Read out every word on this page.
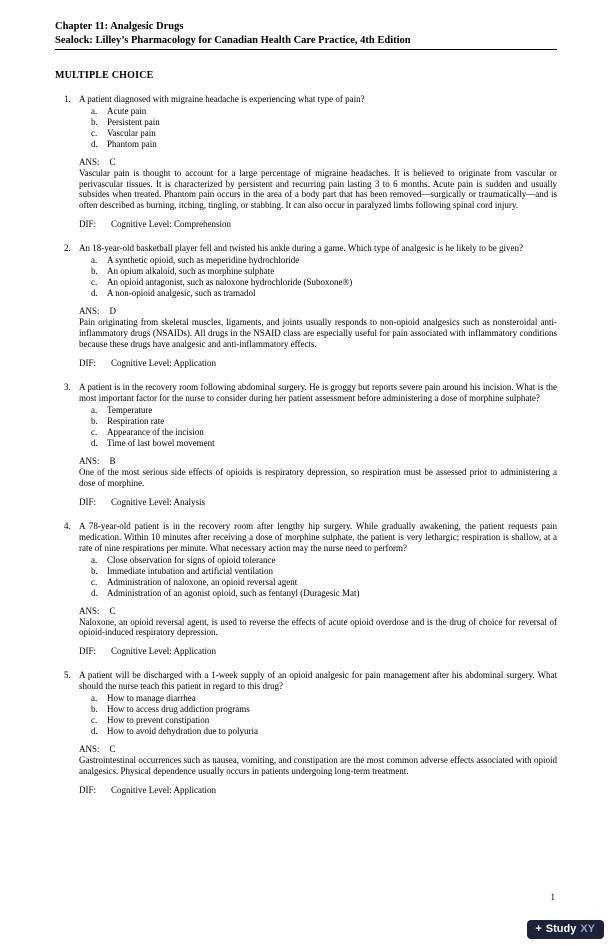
Chapter 11: Analgesic Drugs
Sealock: Lilley’s Pharmacology for Canadian Health Care Practice, 4th Edition
MULTIPLE CHOICE
1. A patient diagnosed with migraine headache is experiencing what type of pain?
a.	Acute pain
b.	Persistent pain
c.	Vascular pain
d.	Phantom pain
ANS: C
Vascular pain is thought to account for a large percentage of migraine headaches. It is believed to originate from vascular or perivascular tissues. It is characterized by persistent and recurring pain lasting 3 to 6 months. Acute pain is sudden and usually subsides when treated. Phantom pain occurs in the area of a body part that has been removed—surgically or traumatically—and is often described as burning, itching, tingling, or stabbing. It can also occur in paralyzed limbs following spinal cord injury.
DIF: Cognitive Level: Comprehension
2. An 18-year-old basketball player fell and twisted his ankle during a game. Which type of analgesic is he likely to be given?
a.	A synthetic opioid, such as meperidine hydrochloride
b.	An opium alkaloid, such as morphine sulphate
c.	An opioid antagonist, such as naloxone hydrochloride (Suboxone®)
d.	A non-opioid analgesic, such as tramadol
ANS: D
Pain originating from skeletal muscles, ligaments, and joints usually responds to non-opioid analgesics such as nonsteroidal anti-inflammatory drugs (NSAIDs). All drugs in the NSAID class are especially useful for pain associated with inflammatory conditions because these drugs have analgesic and anti-inflammatory effects.
DIF: Cognitive Level: Application
3. A patient is in the recovery room following abdominal surgery. He is groggy but reports severe pain around his incision. What is the most important factor for the nurse to consider during her patient assessment before administering a dose of morphine sulphate?
a.	Temperature
b.	Respiration rate
c.	Appearance of the incision
d.	Time of last bowel movement
ANS: B
One of the most serious side effects of opioids is respiratory depression, so respiration must be assessed prior to administering a dose of morphine.
DIF: Cognitive Level: Analysis
4. A 78-year-old patient is in the recovery room after lengthy hip surgery. While gradually awakening, the patient requests pain medication. Within 10 minutes after receiving a dose of morphine sulphate, the patient is very lethargic; respiration is shallow, at a rate of nine respirations per minute. What necessary action may the nurse need to perform?
a.	Close observation for signs of opioid tolerance
b.	Immediate intubation and artificial ventilation
c.	Administration of naloxone, an opioid reversal agent
d.	Administration of an agonist opioid, such as fentanyl (Duragesic Mat)
ANS: C
Naloxone, an opioid reversal agent, is used to reverse the effects of acute opioid overdose and is the drug of choice for reversal of opioid-induced respiratory depression.
DIF: Cognitive Level: Application
5. A patient will be discharged with a 1-week supply of an opioid analgesic for pain management after his abdominal surgery. What should the nurse teach this patient in regard to this drug?
a.	How to manage diarrhea
b.	How to access drug addiction programs
c.	How to prevent constipation
d.	How to avoid dehydration due to polyuria
ANS: C
Gastrointestinal occurrences such as nausea, vomiting, and constipation are the most common adverse effects associated with opioid analgesics. Physical dependence usually occurs in patients undergoing long-term treatment.
DIF: Cognitive Level: Application
1
+ Study XY
